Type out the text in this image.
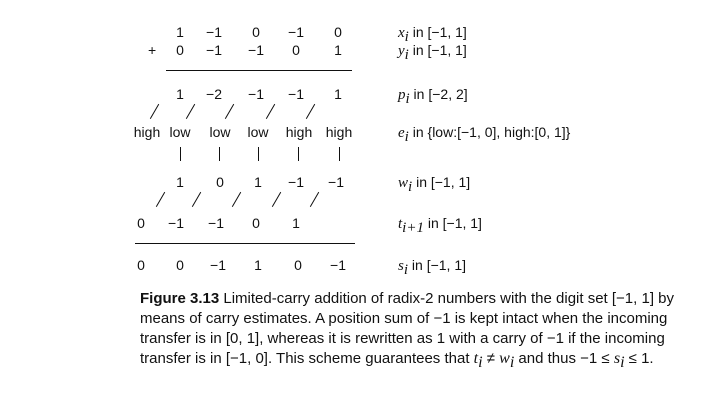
1 −1 0 −1 0
+ 0 −1 −1 0 1
1 −2 −1 −1 1
high low low low high high
1 0 1 −1 −1
0 −1 −1 0 1
0 0 −1 1 0 −1
$x_i$ in [−1, 1]
$y_i$ in [−1, 1]
$p_i$ in [−2, 2]
$e_i$ in {low:[−1, 0], high:[0, 1]}
$w_i$ in [−1, 1]
$t_{i+1}$ in [−1, 1]
$s_i$ in [−1, 1]
Figure 3.13 Limited-carry addition of radix-2 numbers with the digit set [−1, 1] by means of carry estimates. A position sum of −1 is kept intact when the incoming transfer is in [0, 1], whereas it is rewritten as 1 with a carry of −1 if the incoming transfer is in [−1, 0]. This scheme guarantees that $t_i \ne w_i$ and thus $-1 \le s_i \le 1$.
